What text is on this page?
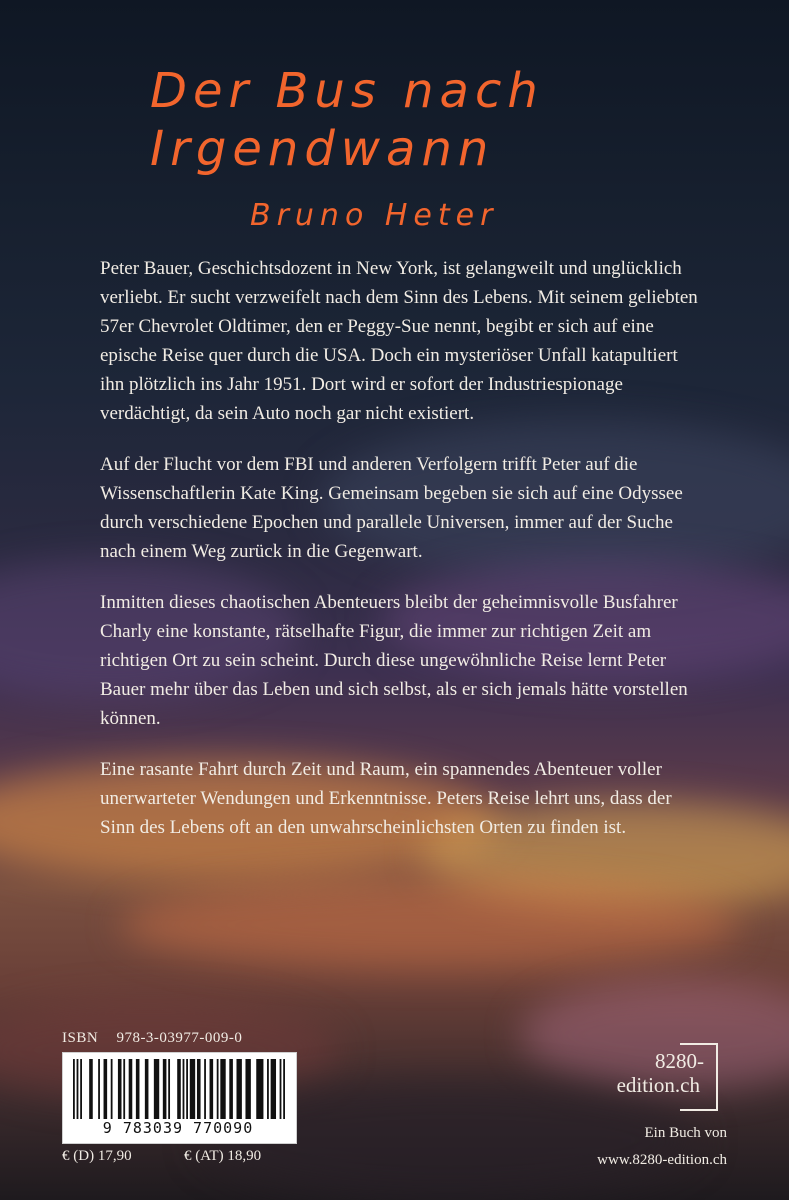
Der Bus nach
Irgendwann
Bruno Heter

Peter Bauer, Geschichtsdozent in New York, ist gelangweilt und unglücklich verliebt. Er sucht verzweifelt nach dem Sinn des Lebens. Mit seinem geliebten 57er Chevrolet Oldtimer, den er Peggy-Sue nennt, begibt er sich auf eine epische Reise quer durch die USA. Doch ein mysteriöser Unfall katapultiert ihn plötzlich ins Jahr 1951. Dort wird er sofort der Industriespionage verdächtigt, da sein Auto noch gar nicht existiert.

Auf der Flucht vor dem FBI und anderen Verfolgern trifft Peter auf die Wissenschaftlerin Kate King. Gemeinsam begeben sie sich auf eine Odyssee durch verschiedene Epochen und parallele Universen, immer auf der Suche nach einem Weg zurück in die Gegenwart.

Inmitten dieses chaotischen Abenteuers bleibt der geheimnisvolle Busfahrer Charly eine konstante, rätselhafte Figur, die immer zur richtigen Zeit am richtigen Ort zu sein scheint. Durch diese ungewöhnliche Reise lernt Peter Bauer mehr über das Leben und sich selbst, als er sich jemals hätte vorstellen können.

Eine rasante Fahrt durch Zeit und Raum, ein spannendes Abenteuer voller unerwarteter Wendungen und Erkenntnisse. Peters Reise lehrt uns, dass der Sinn des Lebens oft an den unwahrscheinlichsten Orten zu finden ist.

ISBN 978-3-03977-009-0
9 783039 770090
€ (D) 17,90	€ (AT) 18,90
8280-
edition.ch
Ein Buch von
www.8280-edition.ch
